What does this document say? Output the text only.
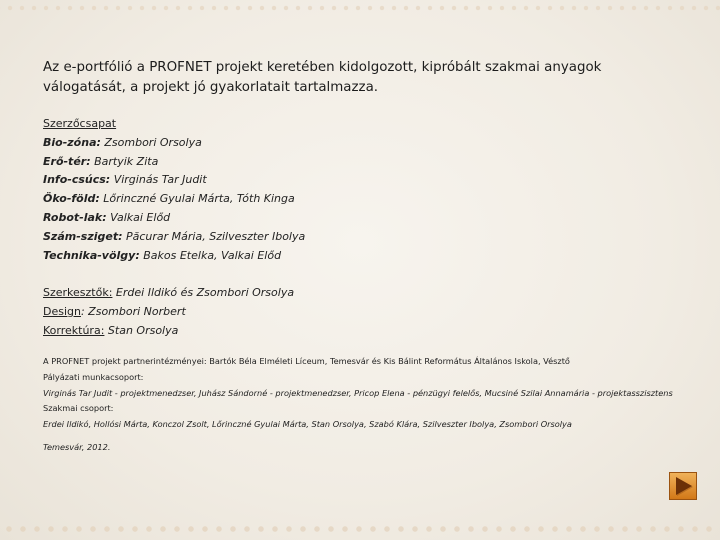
Az e-portfólió a PROFNET projekt keretében kidolgozott, kipróbált szakmai anyagok válogatását, a projekt jó gyakorlatait tartalmazza.
Szerzőcsapat
Bio-zóna: Zsombori Orsolya
Erő-tér: Bartyik Zita
Info-csúcs: Virginás Tar Judit
Öko-föld: Lőrinczné Gyulai Márta, Tóth Kinga
Robot-lak: Valkai Előd
Szám-sziget: Păcurar Mária, Szilveszter Ibolya
Technika-völgy: Bakos Etelka, Valkai Előd
Szerkesztők: Erdei Ildikó és Zsombori Orsolya
Design: Zsombori Norbert
Korrektúra: Stan Orsolya
A PROFNET projekt partnerintézményei: Bartók Béla Elméleti Líceum, Temesvár és Kis Bálint Református Általános Iskola, Vésztő
Pályázati munkacsoport:
Virginás Tar Judit - projektmenedzser, Juhász Sándorné - projektmenedzser, Pricop Elena - pénzügyi felelős, Mucsiné Szilai Annamária - projektasszisztens
Szakmai csoport:
Erdei Ildikó, Hollósi Márta, Konczol Zsolt, Lőrinczné Gyulai Márta, Stan Orsolya, Szabó Klára, Szilveszter Ibolya, Zsombori Orsolya
Temesvár, 2012.
